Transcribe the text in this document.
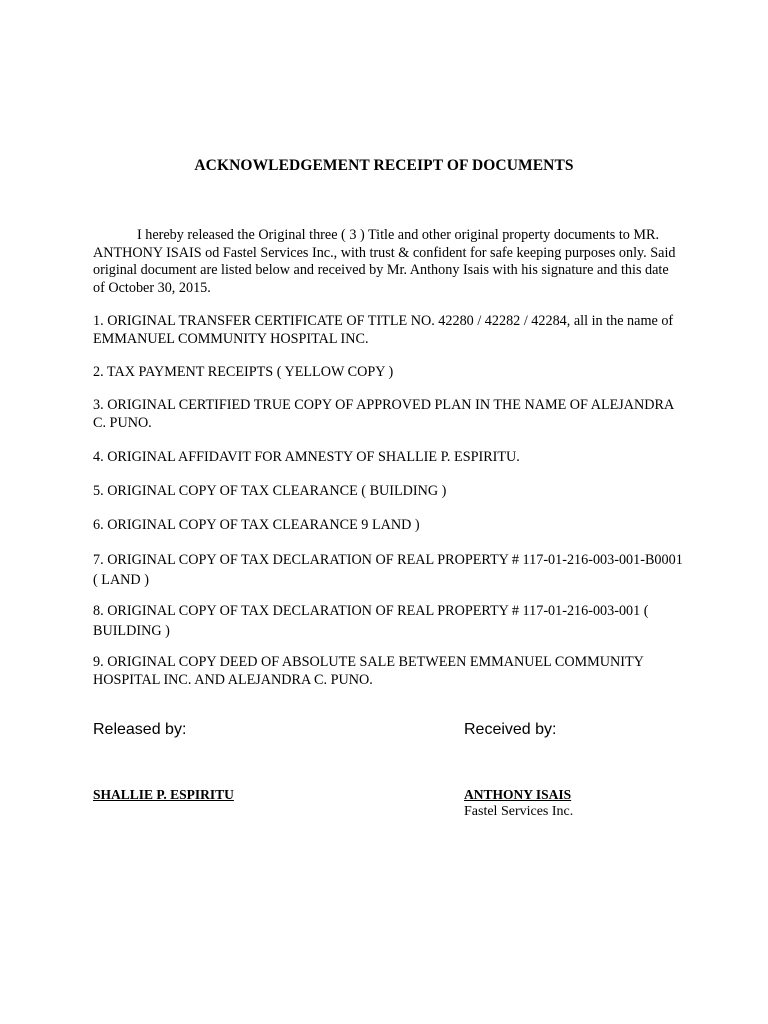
ACKNOWLEDGEMENT RECEIPT OF DOCUMENTS

I hereby released the Original three ( 3 ) Title and other original property documents to MR. ANTHONY ISAIS od Fastel Services Inc., with trust & confident for safe keeping purposes only. Said original document are listed below and received by Mr. Anthony Isais with his signature and this date of October 30, 2015.

1. ORIGINAL TRANSFER CERTIFICATE OF TITLE NO. 42280 / 42282 / 42284, all in the name of EMMANUEL COMMUNITY HOSPITAL INC.

2. TAX PAYMENT RECEIPTS ( YELLOW COPY )

3. ORIGINAL CERTIFIED TRUE COPY OF APPROVED PLAN IN THE NAME OF ALEJANDRA C. PUNO.

4. ORIGINAL AFFIDAVIT FOR AMNESTY OF SHALLIE P. ESPIRITU.

5. ORIGINAL COPY OF TAX CLEARANCE ( BUILDING )

6. ORIGINAL COPY OF TAX CLEARANCE 9 LAND )

7. ORIGINAL COPY OF TAX DECLARATION OF REAL PROPERTY # 117-01-216-003-001-B0001 ( LAND )

8. ORIGINAL COPY OF TAX DECLARATION OF REAL PROPERTY # 117-01-216-003-001 ( BUILDING )

9. ORIGINAL COPY DEED OF ABSOLUTE SALE BETWEEN EMMANUEL COMMUNITY HOSPITAL INC. AND ALEJANDRA C. PUNO.

Released by:	Received by:
SHALLIE P. ESPIRITU	ANTHONY ISAIS
Fastel Services Inc.
